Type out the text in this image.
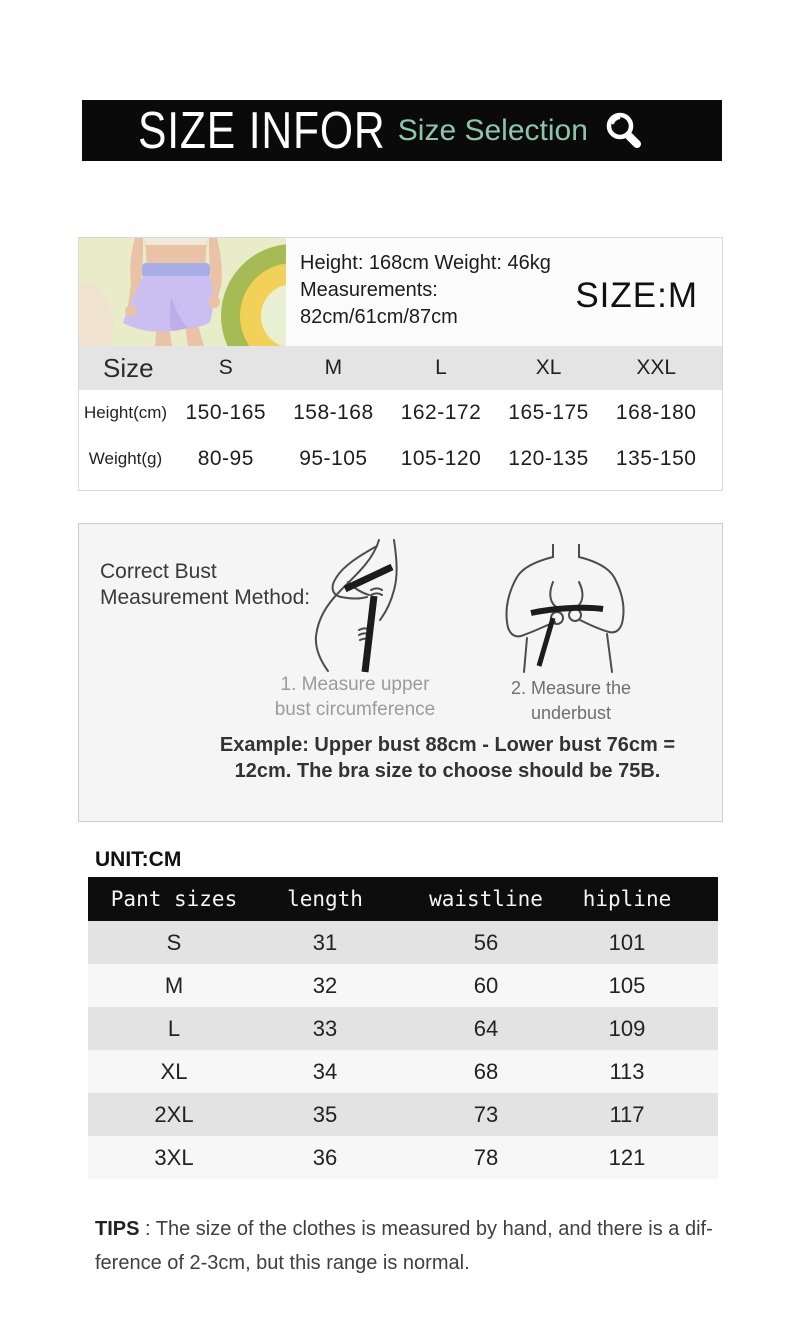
SIZE INFOR Size Selection
Height: 168cm Weight: 46kg
Measurements:
82cm/61cm/87cm
SIZE:M
Size	S	M	L	XL	XXL
Height(cm) 150-165	158-168	162-172	165-175	168-180
Weight(g)	80-95	95-105	105-120	120-135	135-150
Correct Bust
Measurement Method:
1. Measure upper
bust circumference
2. Measure the
underbust
Example: Upper bust 88cm - Lower bust 76cm =
12cm. The bra size to choose should be 75B.
UNIT:CM
Pant sizes	length	waistline	hipline
S	31	56	101
M	32	60	105
L	33	64	109
XL	34	68	113
2XL	35	73	117
3XL	36	78	121

TIPS : The size of the clothes is measured by hand, and there is a dif-
ference of 2-3cm, but this range is normal.
